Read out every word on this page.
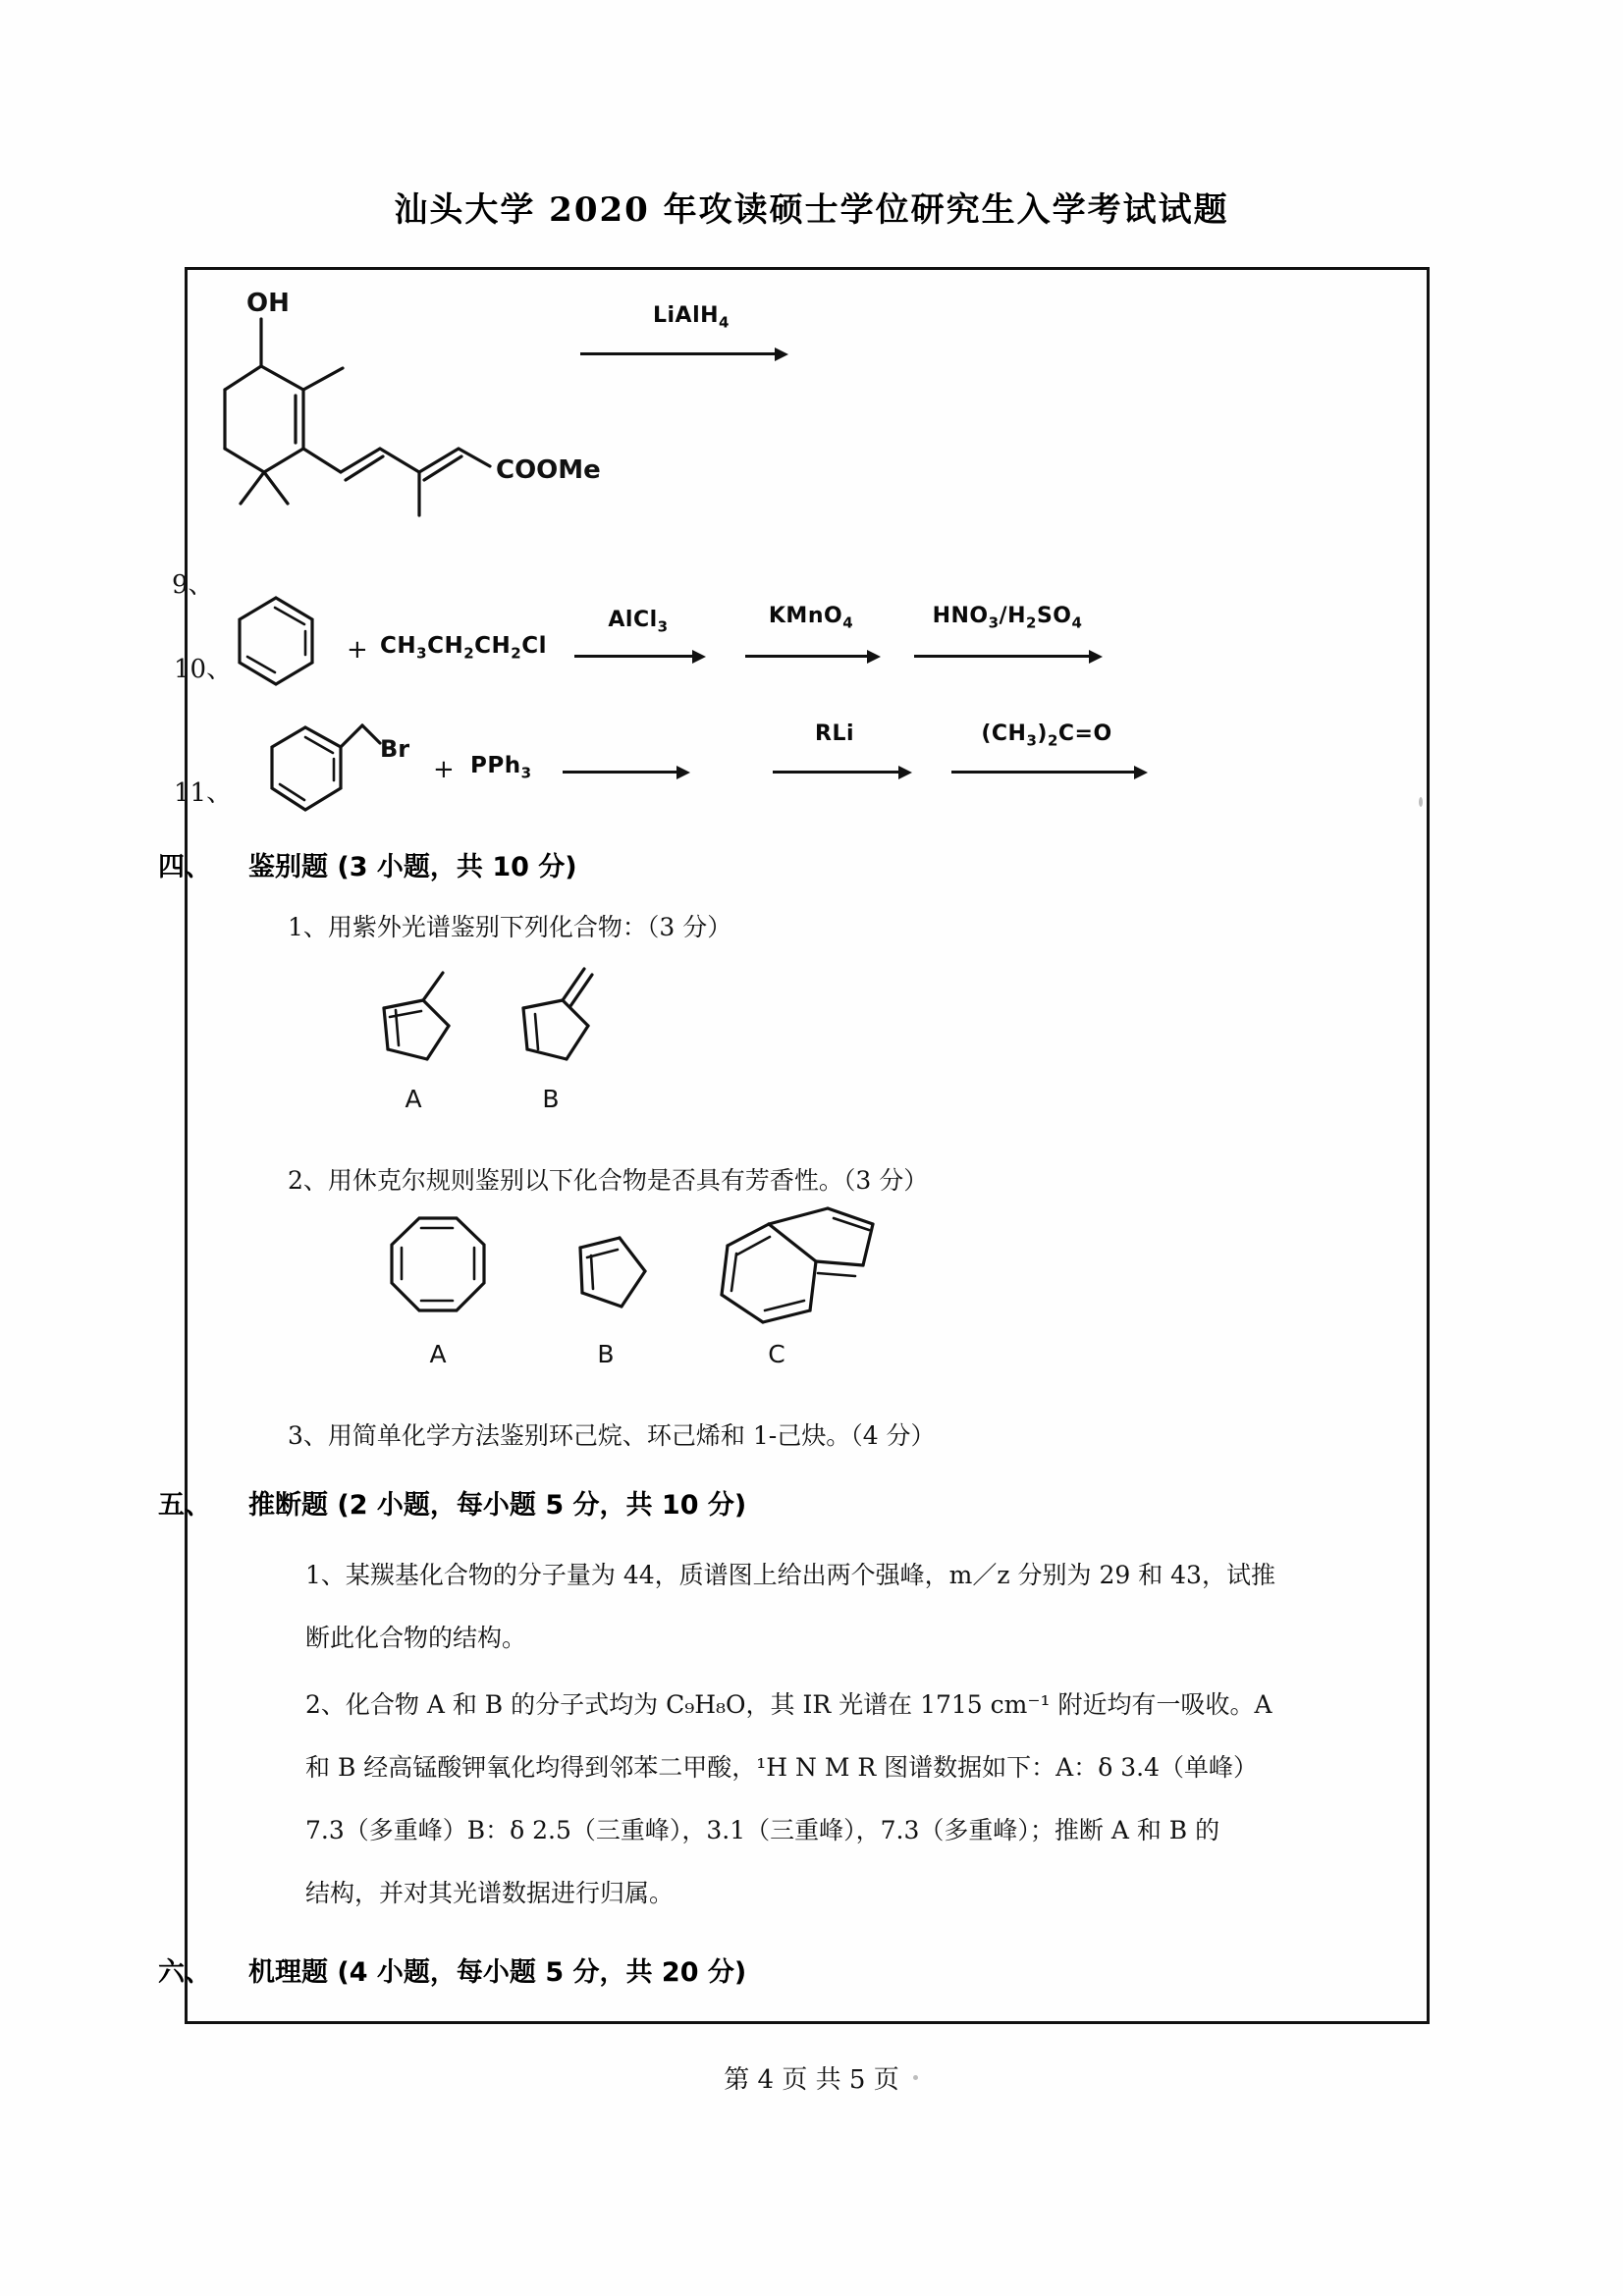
汕头大学 2020 年攻读硕士学位研究生入学考试试题
9、
OH
COOMe
LiAlH$_4$
10、
+ $CH_3CH_2CH_2Cl$
AlCl$_3$	KMnO$_4$	$HNO_3/H_2SO_4$
11、
Br
+ PPh$_3$
RLi	$(CH_3)_2C=O$
四、 鉴别题 (3 小题，共 10 分)
1、用紫外光谱鉴别下列化合物：（3 分）
A	B
2、用休克尔规则鉴别以下化合物是否具有芳香性。（3 分）
A	B	C
3、用简单化学方法鉴别环己烷、环己烯和 1-己炔。（4 分）
五、 推断题 (2 小题，每小题 5 分，共 10 分)
1、某羰基化合物的分子量为 44，质谱图上给出两个强峰，m／z 分别为 29 和 43，试推
断此化合物的结构。
2、化合物 A 和 B 的分子式均为 C₉H₈O，其 IR 光谱在 1715 cm⁻¹ 附近均有一吸收。A
和 B 经高锰酸钾氧化均得到邻苯二甲酸，¹H N M R 图谱数据如下：A：δ 3.4（单峰）
7.3（多重峰）B：δ 2.5（三重峰），3.1（三重峰），7.3（多重峰）；推断 A 和 B 的
结构，并对其光谱数据进行归属。
六、 机理题 (4 小题，每小题 5 分，共 20 分)
第 4 页 共 5 页
